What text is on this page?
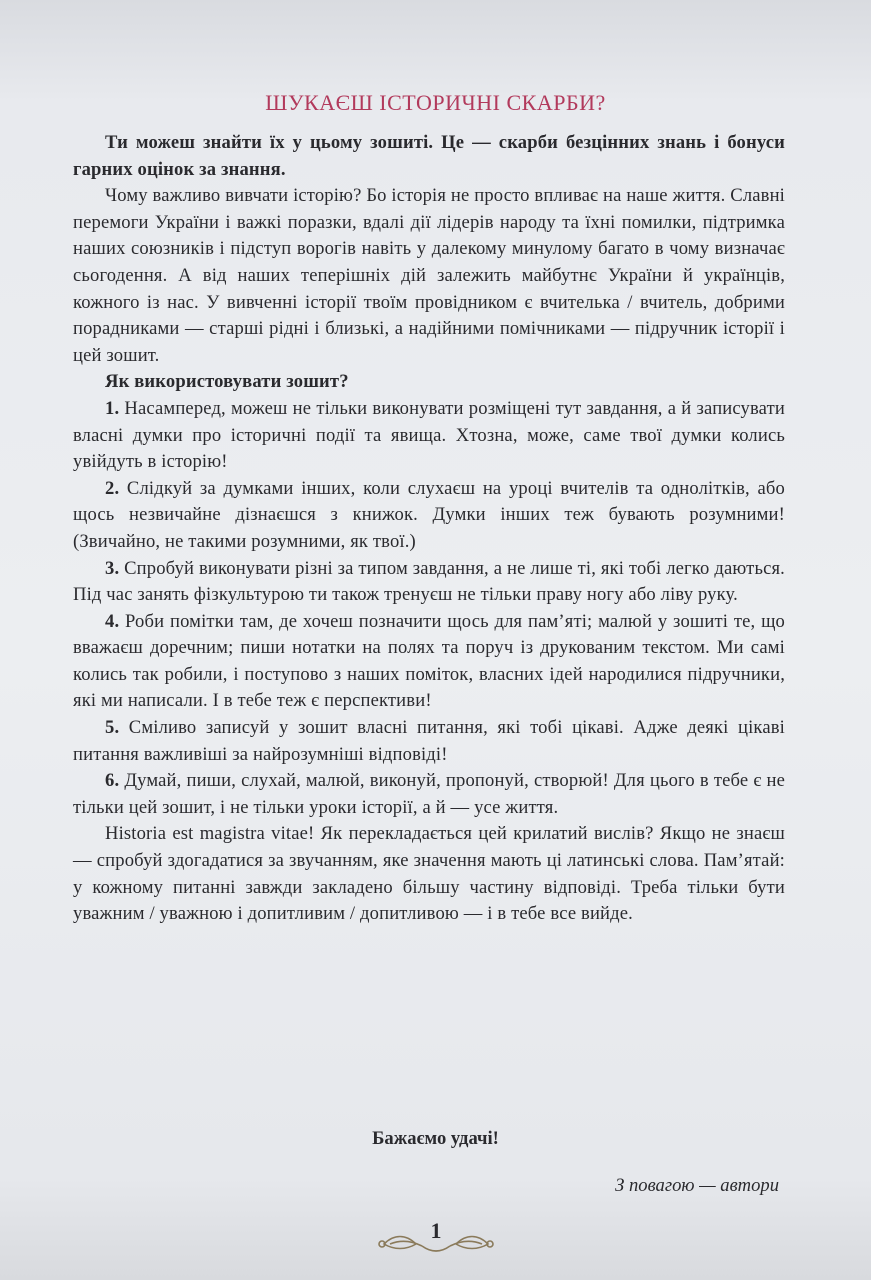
ШУКАЄШ ІСТОРИЧНІ СКАРБИ?

Ти можеш знайти їх у цьому зошиті. Це — скарби безцінних знань і бонуси гарних оцінок за знання.

Чому важливо вивчати історію? Бо історія не просто впливає на наше життя. Славні перемоги України і важкі поразки, вдалі дії лідерів народу та їхні помилки, підтримка наших союзників і підступ ворогів навіть у далекому минулому багато в чому визначає сьогодення. А від наших теперішніх дій залежить майбутнє України й українців, кожного із нас. У вивченні історії твоїм провідником є вчителька / вчитель, добрими порадниками — старші рідні і близькі, а надійними помічниками — підручник історії і цей зошит.

Як використовувати зошит?

1. Насамперед, можеш не тільки виконувати розміщені тут завдання, а й записувати власні думки про історичні події та явища. Хтозна, може, саме твої думки колись увійдуть в історію!

2. Слідкуй за думками інших, коли слухаєш на уроці вчителів та однолітків, або щось незвичайне дізнаєшся з книжок. Думки інших теж бувають розумними! (Звичайно, не такими розумними, як твої.)

3. Спробуй виконувати різні за типом завдання, а не лише ті, які тобі легко даються. Під час занять фізкультурою ти також тренуєш не тільки праву ногу або ліву руку.

4. Роби помітки там, де хочеш позначити щось для пам’яті; малюй у зошиті те, що вважаєш доречним; пиши нотатки на полях та поруч із друкованим текстом. Ми самі колись так робили, і поступово з наших поміток, власних ідей народилися підручники, які ми написали. І в тебе теж є перспективи!

5. Сміливо записуй у зошит власні питання, які тобі цікаві. Адже деякі цікаві питання важливіші за найрозумніші відповіді!

6. Думай, пиши, слухай, малюй, виконуй, пропонуй, створюй! Для цього в тебе є не тільки цей зошит, і не тільки уроки історії, а й — усе життя.

Historia est magistra vitae! Як перекладається цей крилатий вислів? Якщо не знаєш — спробуй здогадатися за звучанням, яке значення мають ці латинські слова. Пам’ятай: у кожному питанні завжди закладено більшу частину відповіді. Треба тільки бути уважним / уважною і допитливим / допитливою — і в тебе все вийде.

Бажаємо удачі!
З повагою — автори
1
